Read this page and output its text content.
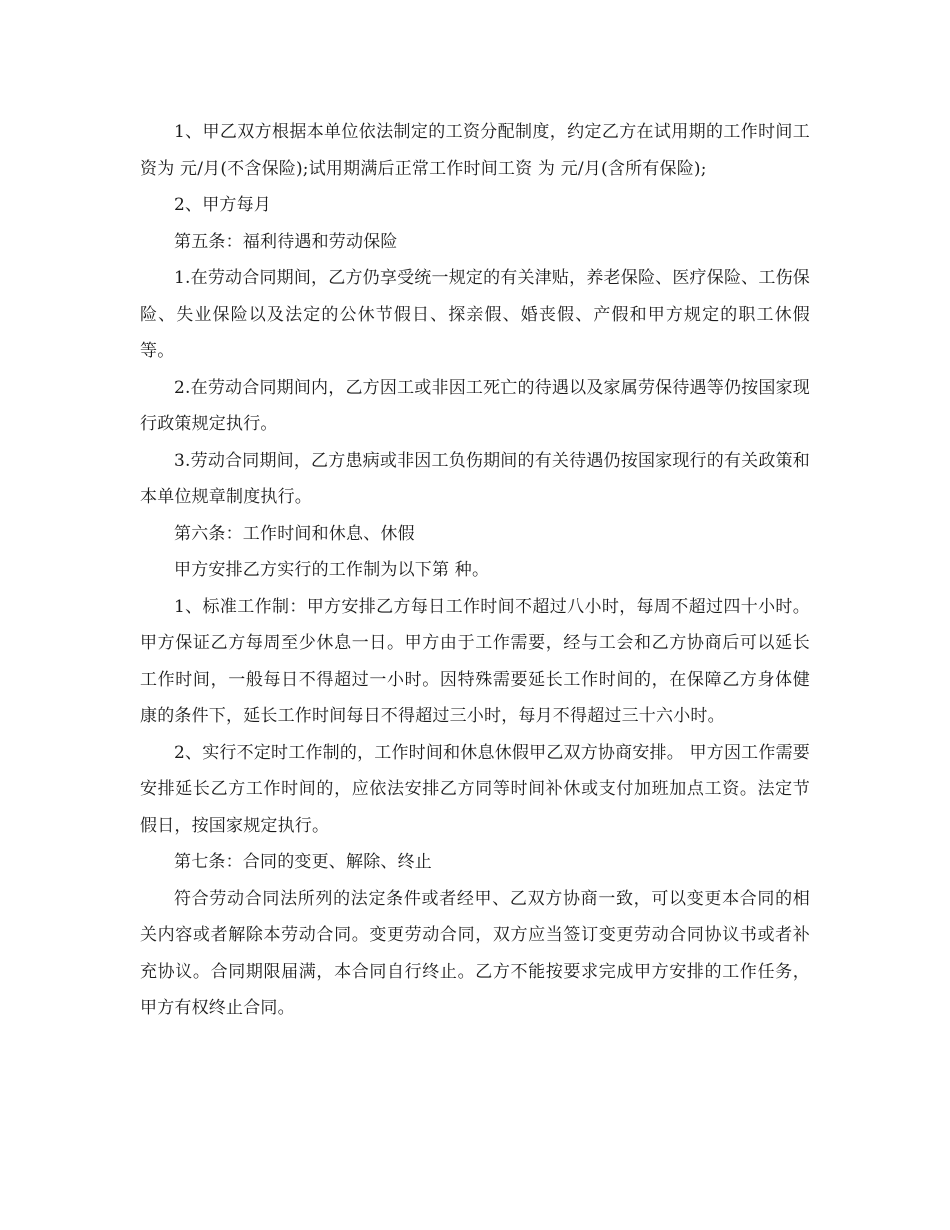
1、甲乙双方根据本单位依法制定的工资分配制度，约定乙方在试用期的工作时间工资为 元/月(不含保险);试用期满后正常工作时间工资 为 元/月(含所有保险);

2、甲方每月

第五条：福利待遇和劳动保险

1.在劳动合同期间，乙方仍享受统一规定的有关津贴，养老保险、医疗保险、工伤保险、失业保险以及法定的公休节假日、探亲假、婚丧假、产假和甲方规定的职工休假等。

2.在劳动合同期间内，乙方因工或非因工死亡的待遇以及家属劳保待遇等仍按国家现行政策规定执行。

3.劳动合同期间，乙方患病或非因工负伤期间的有关待遇仍按国家现行的有关政策和本单位规章制度执行。

第六条：工作时间和休息、休假

甲方安排乙方实行的工作制为以下第 种。

1、标准工作制：甲方安排乙方每日工作时间不超过八小时，每周不超过四十小时。甲方保证乙方每周至少休息一日。甲方由于工作需要，经与工会和乙方协商后可以延长工作时间，一般每日不得超过一小时。因特殊需要延长工作时间的，在保障乙方身体健康的条件下，延长工作时间每日不得超过三小时，每月不得超过三十六小时。

2、实行不定时工作制的，工作时间和休息休假甲乙双方协商安排。 甲方因工作需要安排延长乙方工作时间的，应依法安排乙方同等时间补休或支付加班加点工资。法定节假日，按国家规定执行。

第七条：合同的变更、解除、终止

符合劳动合同法所列的法定条件或者经甲、乙双方协商一致，可以变更本合同的相关内容或者解除本劳动合同。变更劳动合同，双方应当签订变更劳动合同协议书或者补充协议。合同期限届满，本合同自行终止。乙方不能按要求完成甲方安排的工作任务，甲方有权终止合同。
